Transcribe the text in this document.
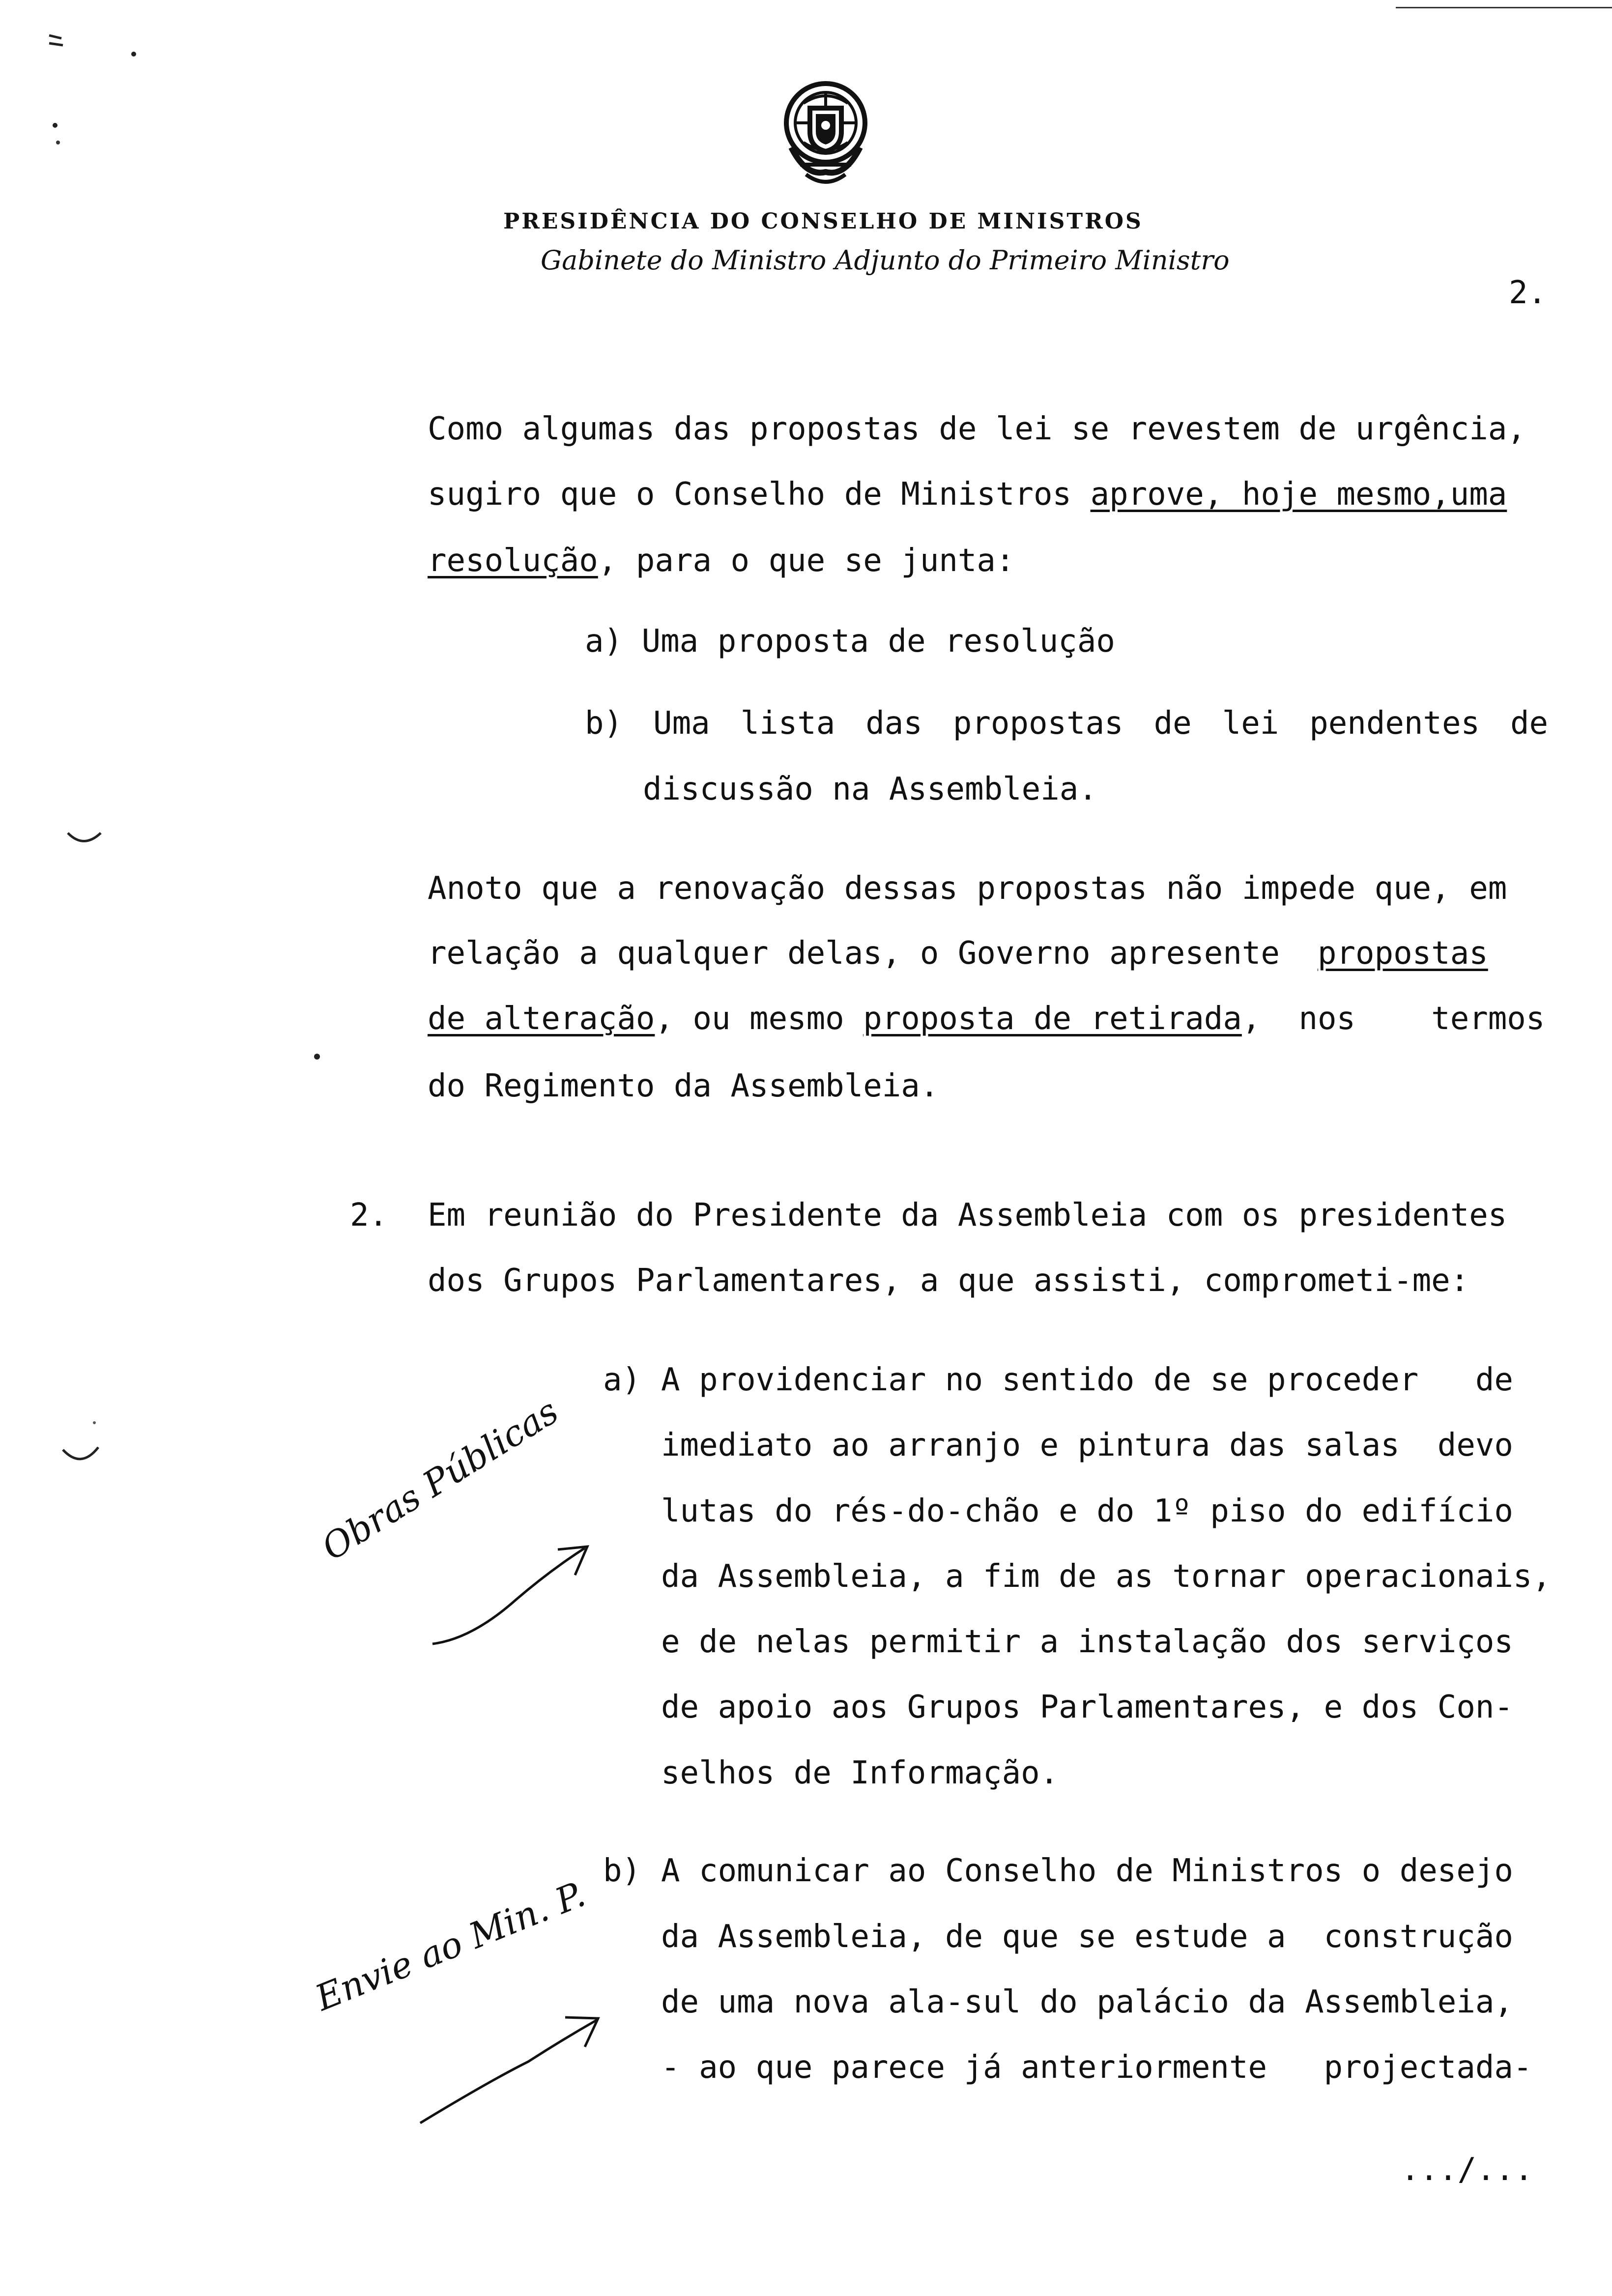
PRESIDÊNCIA DO CONSELHO DE MINISTROS
Gabinete do Ministro Adjunto do Primeiro Ministro
2.
Como algumas das propostas de lei se revestem de urgência,
sugiro que o Conselho de Ministros aprove, hoje mesmo,uma
resolução, para o que se junta:
a) Uma proposta de resolução
b) Uma lista das propostas de lei pendentes de
discussão na Assembleia.
Anoto que a renovação dessas propostas não impede que, em
relação a qualquer delas, o Governo apresente  propostas
de alteração, ou mesmo proposta de retirada,  nos    termos
do Regimento da Assembleia.
2. Em reunião do Presidente da Assembleia com os presidentes
dos Grupos Parlamentares, a que assisti, comprometi-me:
a) A providenciar no sentido de se proceder   de
imediato ao arranjo e pintura das salas  devo
lutas do rés-do-chão e do 1º piso do edifício
da Assembleia, a fim de as tornar operacionais,
e de nelas permitir a instalação dos serviços
de apoio aos Grupos Parlamentares, e dos Con-
selhos de Informação.
b) A comunicar ao Conselho de Ministros o desejo
da Assembleia, de que se estude a  construção
de uma nova ala-sul do palácio da Assembleia,
- ao que parece já anteriormente   projectada-
.../...
Obras Públicas
Envie ao Min. P.
